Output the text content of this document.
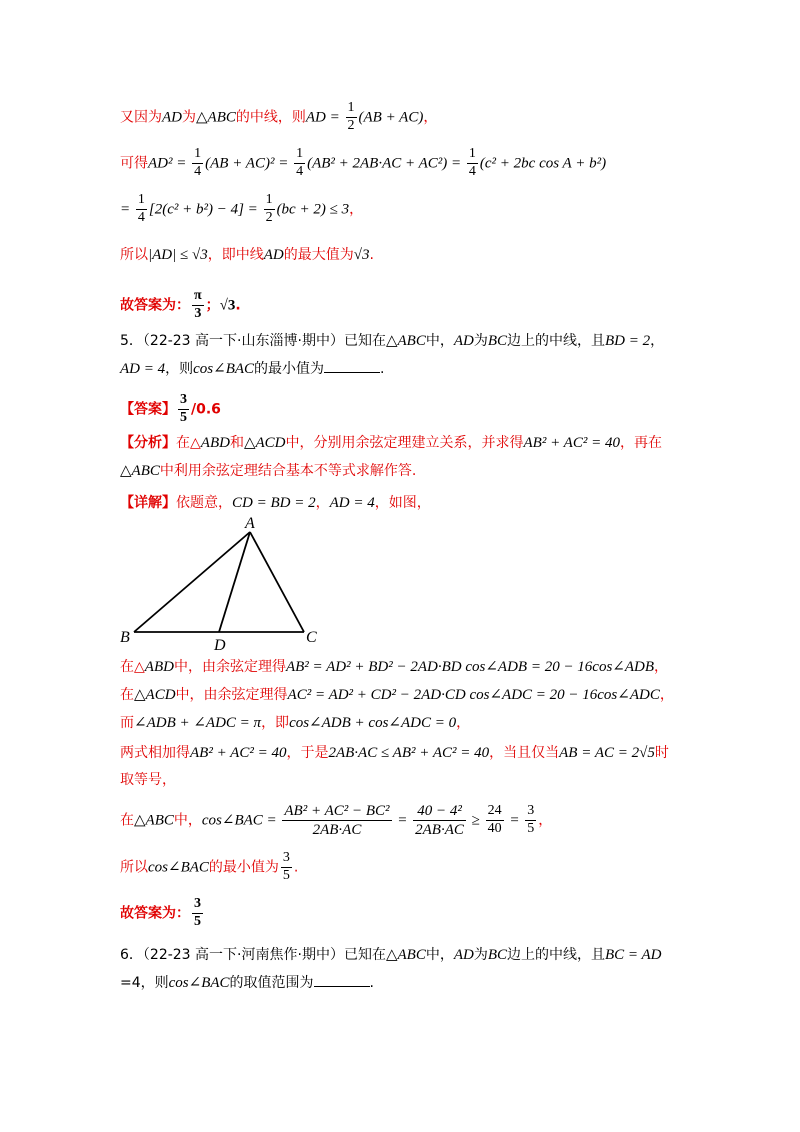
又因为AD为△ABC的中线，则AD = $\frac{1}{2} (AB + AC)$，
可得$AD^2 = \frac{1}{4} (AB + AC)^2 = \frac{1}{4} (AB^2 + 2AB\cdot AC + AC^2) = \frac{1}{4} (c^2 + 2bc$ cos A + b²)
= $\frac{1}{4} [2(c^2 + b^2) - 4] = \frac{1}{2} (bc + 2) \le 3$，
所以|AD| ≤ √3，即中线AD的最大值为√3.
故答案为： $\frac{\pi}{3}$ ；√3.
5．（22-23 高一下·山东淄博·期中）已知在△ABC中，AD为BC边上的中线，且BD = 2，
AD = 4，则cos∠BAC的最小值为	.
【答案】 $\frac{3}{5} /0.6$
【分析】在△ABD和△ACD中，分别用余弦定理建立关系，并求得AB² + AC² = 40，再在
△ABC中利用余弦定理结合基本不等式求解作答.
【详解】依题意，CD = BD = 2，AD = 4，如图，
A
B	C
D
在△ABD中，由余弦定理得AB² = AD² + BD² − 2AD·BD cos∠ADB = 20 − 16cos∠ADB，
在△ACD中，由余弦定理得AC² = AD² + CD² − 2AD·CD cos∠ADC = 20 − 16cos∠ADC，
而∠ADB + ∠ADC = π，即cos∠ADB + cos∠ADC = 0，
两式相加得AB² + AC² = 40，于是2AB·AC ≤ AB² + AC² = 40，当且仅当AB = AC = 2√5时
取等号，
在△ABC中，cos∠BAC = $\frac{\text{AB² + AC² − BC²}}{2AB\cdot AC} = \frac{\text{40 − 4²}}{2AB\cdot AC} \ge \frac{24}{40} = \frac{3}{5}$ ，
所以cos∠BAC的最小值为 $\frac{3}{5}$ .
故答案为： $\frac{3}{5}$
6．（22-23 高一下·河南焦作·期中）已知在△ABC中，AD为BC边上的中线，且BC = AD
=4，则cos∠BAC的取值范围为	.
